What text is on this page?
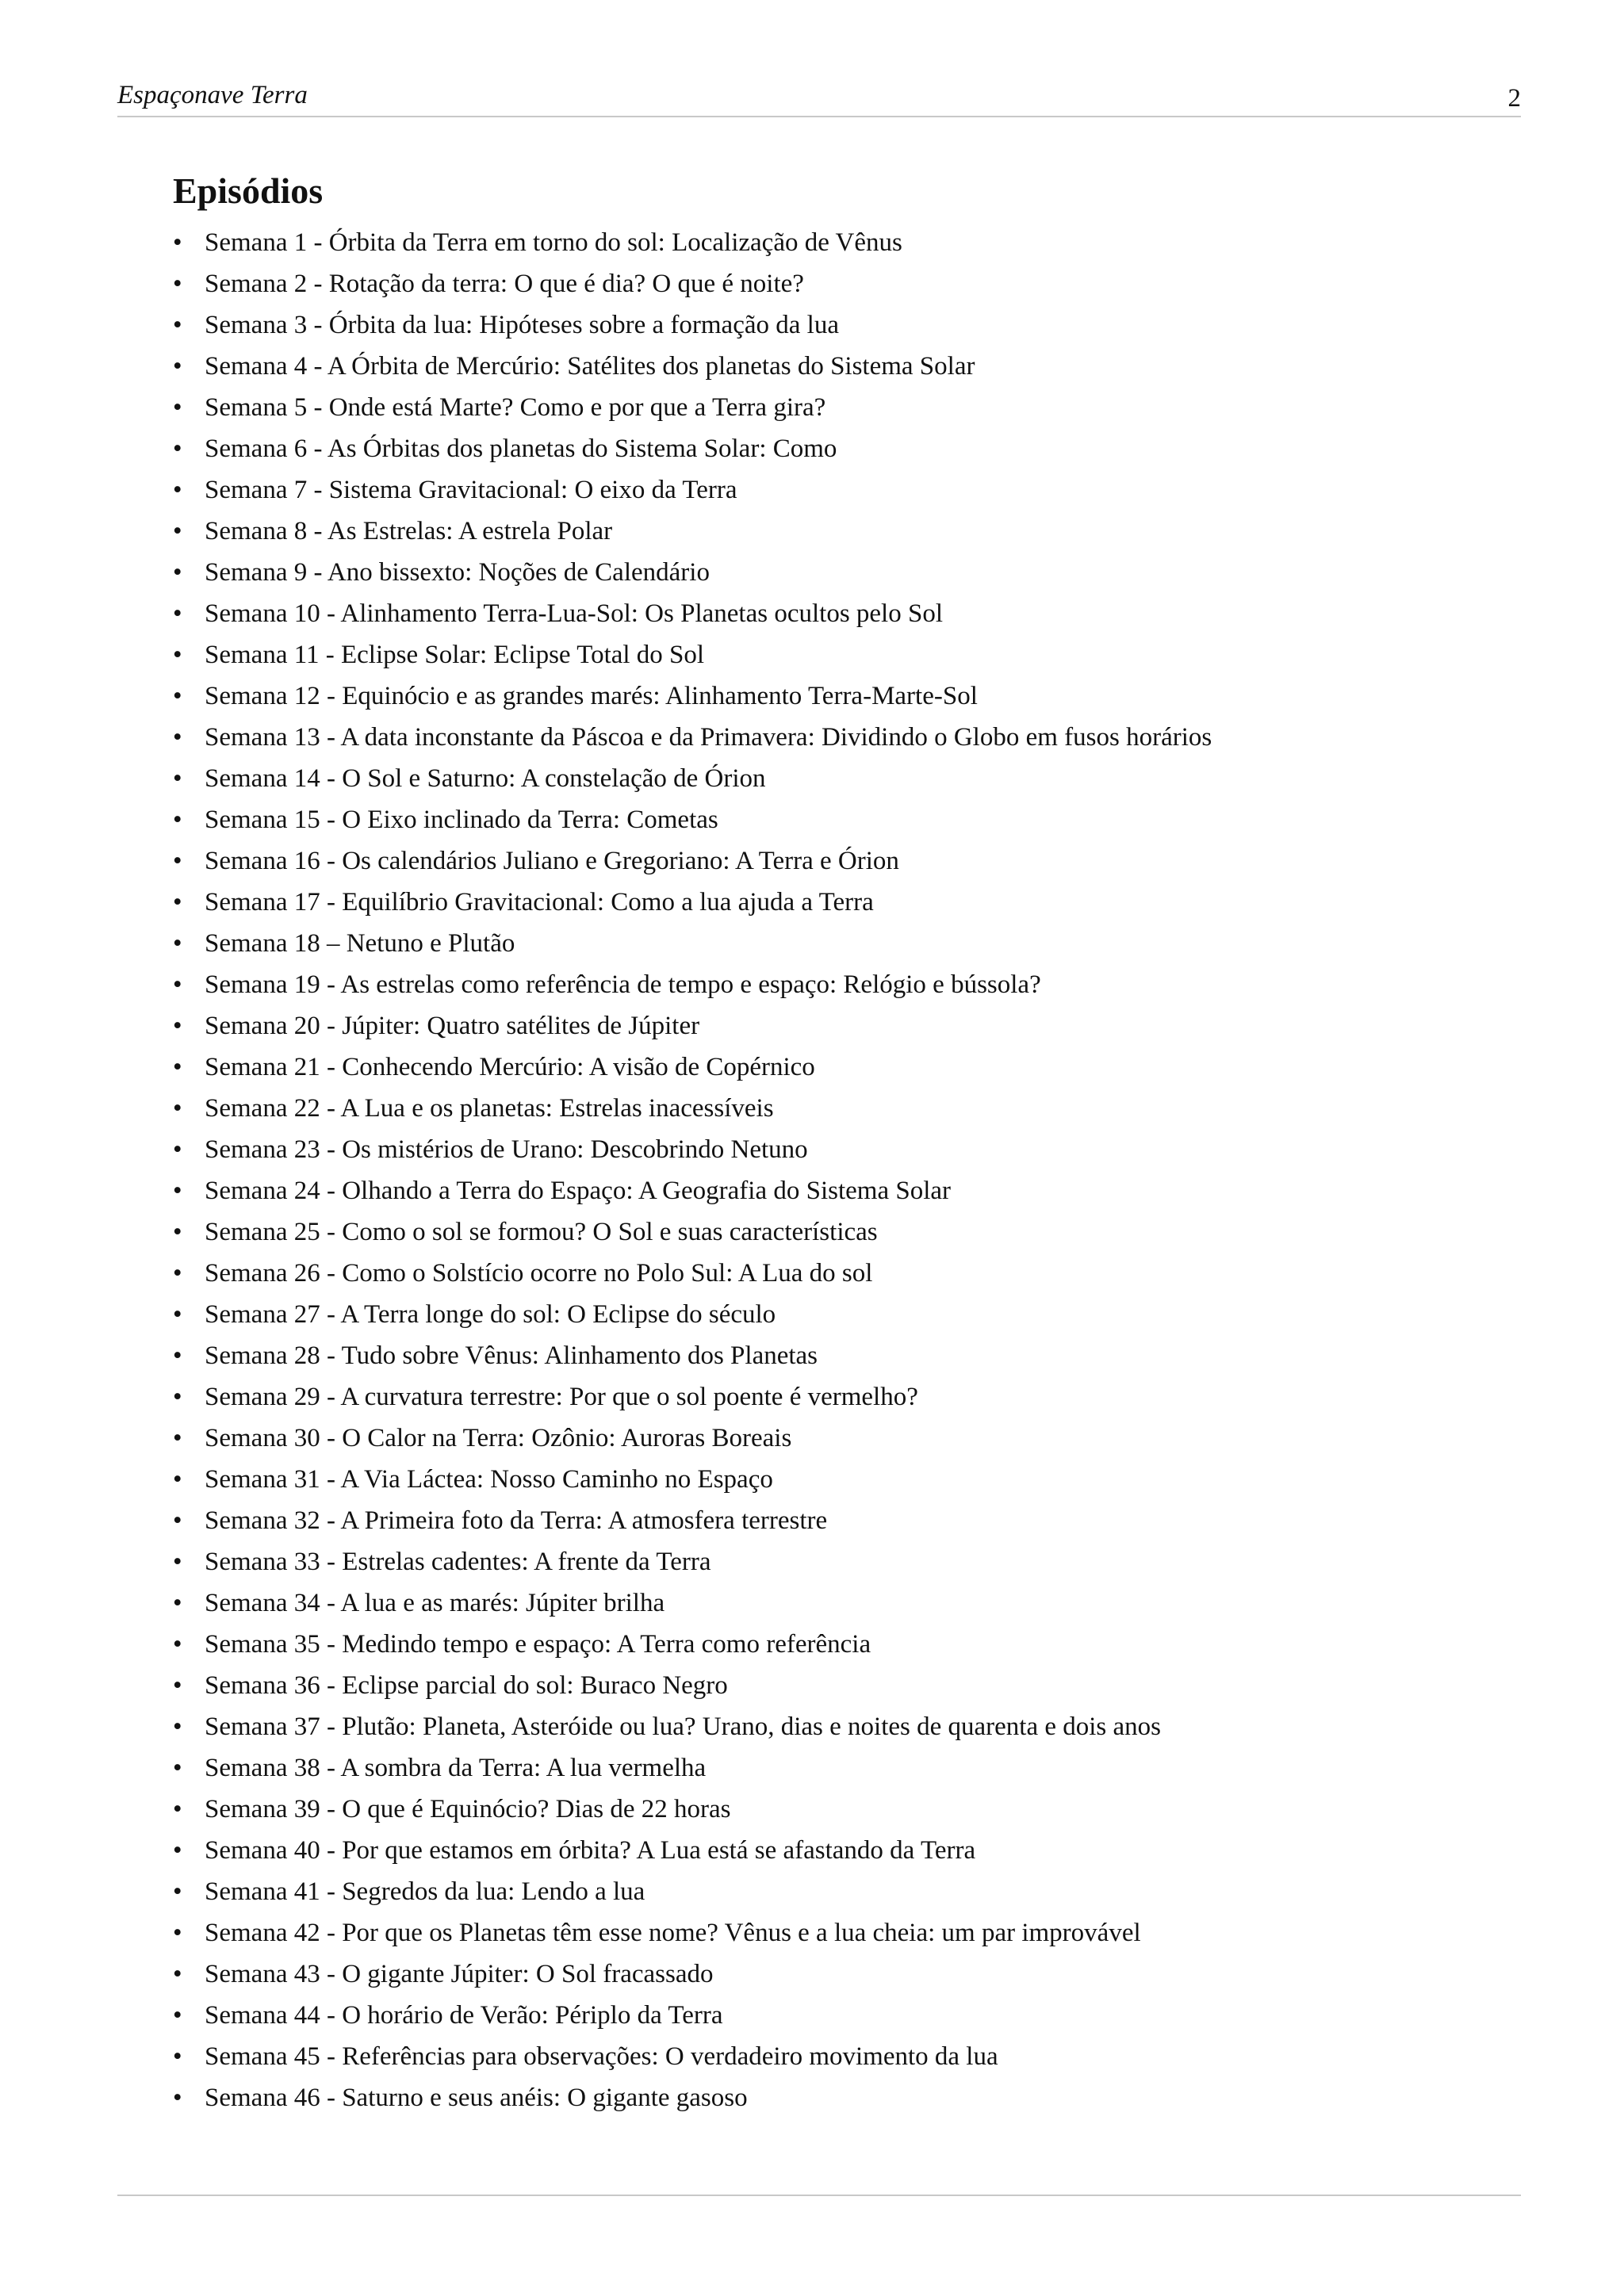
Espaçonave Terra	2
Episódios
• Semana 1 - Órbita da Terra em torno do sol: Localização de Vênus
• Semana 2 - Rotação da terra: O que é dia? O que é noite?
• Semana 3 - Órbita da lua: Hipóteses sobre a formação da lua
• Semana 4 - A Órbita de Mercúrio: Satélites dos planetas do Sistema Solar
• Semana 5 - Onde está Marte? Como e por que a Terra gira?
• Semana 6 - As Órbitas dos planetas do Sistema Solar: Como
• Semana 7 - Sistema Gravitacional: O eixo da Terra
• Semana 8 - As Estrelas: A estrela Polar
• Semana 9 - Ano bissexto: Noções de Calendário
• Semana 10 - Alinhamento Terra-Lua-Sol: Os Planetas ocultos pelo Sol
• Semana 11 - Eclipse Solar: Eclipse Total do Sol
• Semana 12 - Equinócio e as grandes marés: Alinhamento Terra-Marte-Sol
• Semana 13 - A data inconstante da Páscoa e da Primavera: Dividindo o Globo em fusos horários
• Semana 14 - O Sol e Saturno: A constelação de Órion
• Semana 15 - O Eixo inclinado da Terra: Cometas
• Semana 16 - Os calendários Juliano e Gregoriano: A Terra e Órion
• Semana 17 - Equilíbrio Gravitacional: Como a lua ajuda a Terra
• Semana 18 – Netuno e Plutão
• Semana 19 - As estrelas como referência de tempo e espaço: Relógio e bússola?
• Semana 20 - Júpiter: Quatro satélites de Júpiter
• Semana 21 - Conhecendo Mercúrio: A visão de Copérnico
• Semana 22 - A Lua e os planetas: Estrelas inacessíveis
• Semana 23 - Os mistérios de Urano: Descobrindo Netuno
• Semana 24 - Olhando a Terra do Espaço: A Geografia do Sistema Solar
• Semana 25 - Como o sol se formou? O Sol e suas características
• Semana 26 - Como o Solstício ocorre no Polo Sul: A Lua do sol
• Semana 27 - A Terra longe do sol: O Eclipse do século
• Semana 28 - Tudo sobre Vênus: Alinhamento dos Planetas
• Semana 29 - A curvatura terrestre: Por que o sol poente é vermelho?
• Semana 30 - O Calor na Terra: Ozônio: Auroras Boreais
• Semana 31 - A Via Láctea: Nosso Caminho no Espaço
• Semana 32 - A Primeira foto da Terra: A atmosfera terrestre
• Semana 33 - Estrelas cadentes: A frente da Terra
• Semana 34 - A lua e as marés: Júpiter brilha
• Semana 35 - Medindo tempo e espaço: A Terra como referência
• Semana 36 - Eclipse parcial do sol: Buraco Negro
• Semana 37 - Plutão: Planeta, Asteróide ou lua? Urano, dias e noites de quarenta e dois anos
• Semana 38 - A sombra da Terra: A lua vermelha
• Semana 39 - O que é Equinócio? Dias de 22 horas
• Semana 40 - Por que estamos em órbita? A Lua está se afastando da Terra
• Semana 41 - Segredos da lua: Lendo a lua
• Semana 42 - Por que os Planetas têm esse nome? Vênus e a lua cheia: um par improvável
• Semana 43 - O gigante Júpiter: O Sol fracassado
• Semana 44 - O horário de Verão: Périplo da Terra
• Semana 45 - Referências para observações: O verdadeiro movimento da lua
• Semana 46 - Saturno e seus anéis: O gigante gasoso
